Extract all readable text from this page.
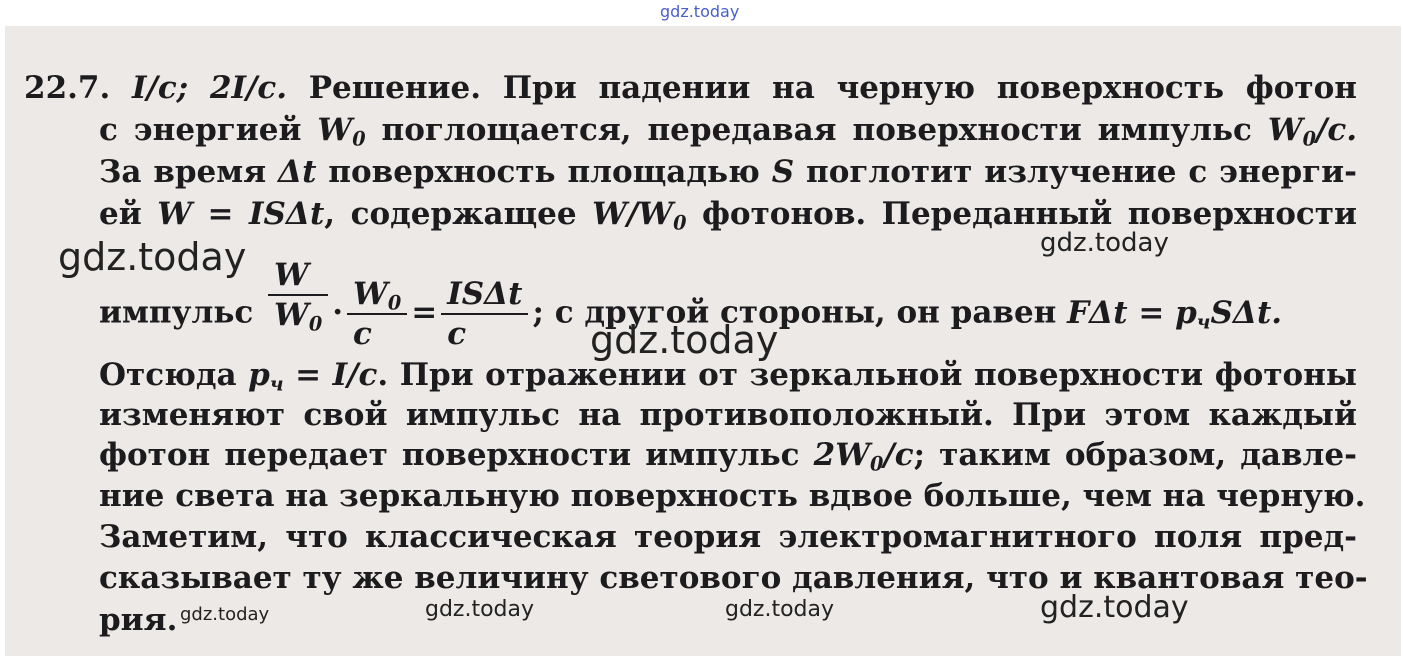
gdz.today
22.7. I/c; 2I/c. Решение. При падении на черную поверхность фотон
с энергией $W_0$ поглощается, передавая поверхности импульс $W_0/c$.
За время Δt поверхность площадью S поглотит излучение с энерги-
ей W = ISΔt, содержащее $W/W_0$ фотонов. Переданный поверхности
импульс $\frac{W}{W_0} \cdot \frac{W_0}{c} = \frac{\text{ISΔt}}{c}$ ; с другой стороны, он равен $F\Delta t = p_чS\Delta t$.
Отсюда $p_ч = I/c$. При отражении от зеркальной поверхности фотоны
изменяют свой импульс на противоположный. При этом каждый
фотон передает поверхности импульс $2W_0/c$; таким образом, давле-
ние света на зеркальную поверхность вдвое больше, чем на черную.
Заметим, что классическая теория электромагнитного поля пред-
сказывает ту же величину светового давления, что и квантовая тео-
рия.
gdz.today	gdz.today
gdz.today
gdz.today	gdz.today	gdz.today	gdz.today
